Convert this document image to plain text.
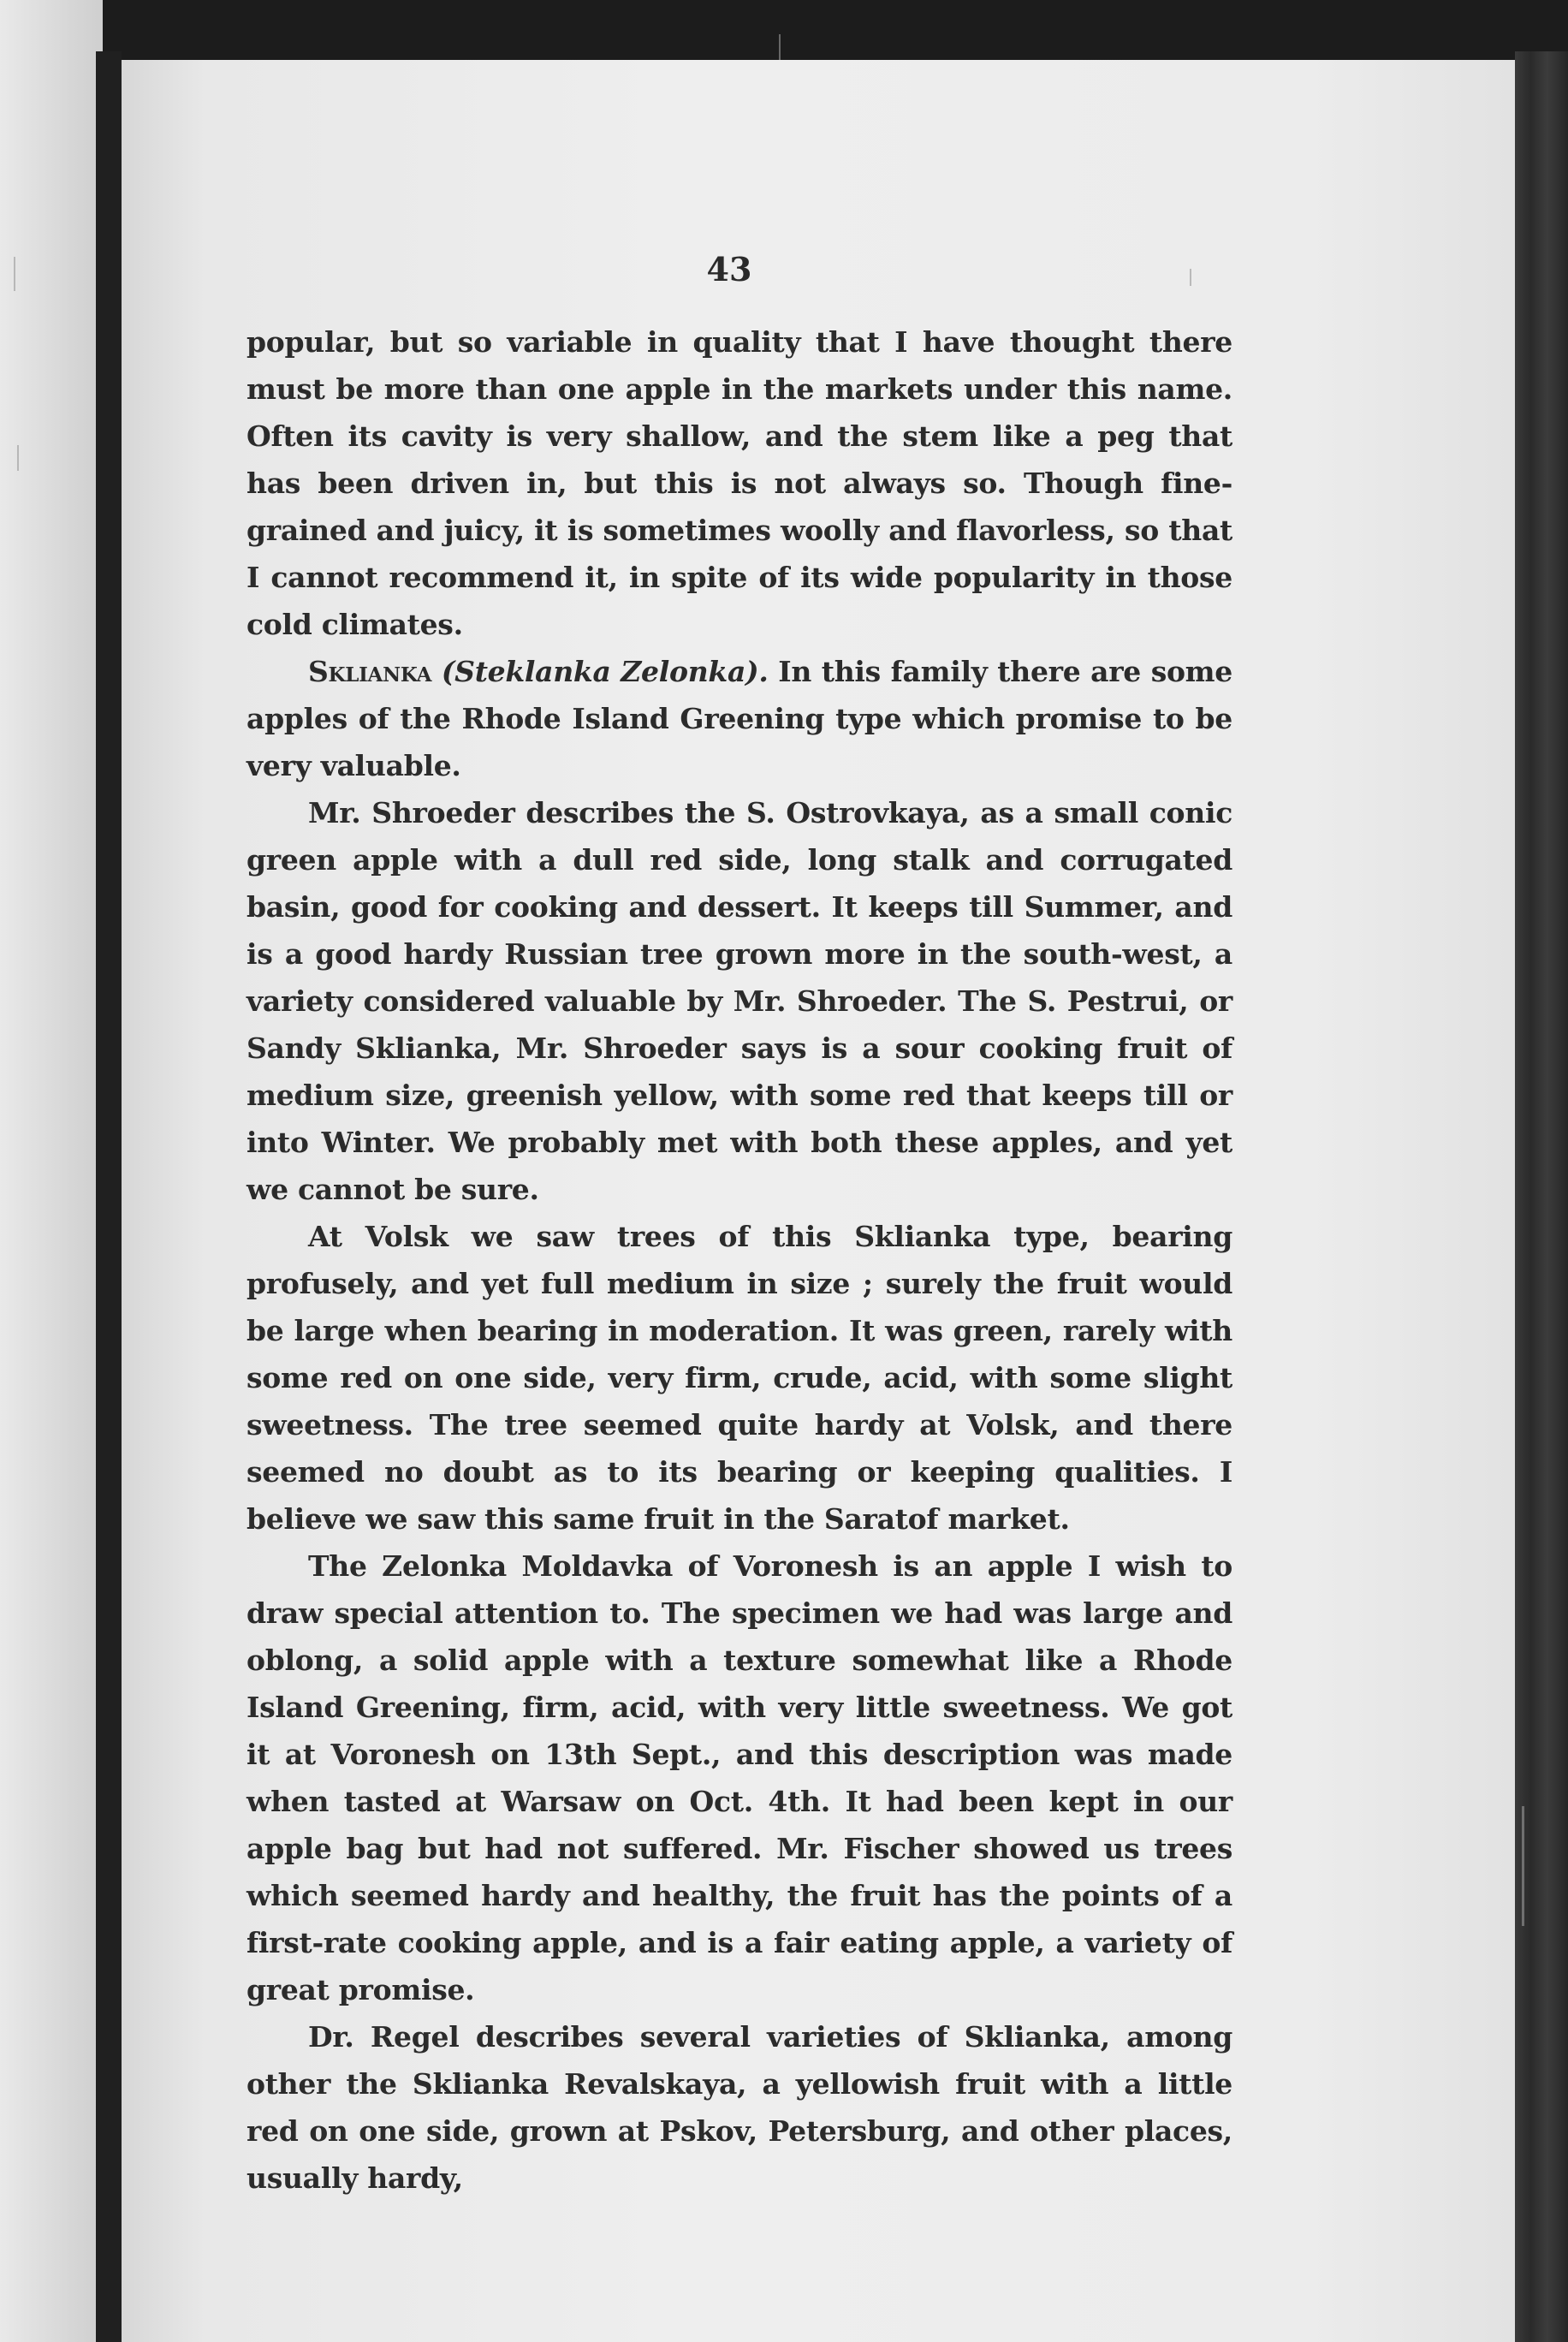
43

popular, but so variable in quality that I have thought there must be more than one apple in the markets under this name. Often its cavity is very shallow, and the stem like a peg that has been driven in, but this is not always so. Though fine-grained and juicy, it is sometimes woolly and flavorless, so that I cannot recommend it, in spite of its wide popularity in those cold climates.

Sklianka (Steklanka Zelonka). In this family there are some apples of the Rhode Island Greening type which promise to be very valuable.

Mr. Shroeder describes the S. Ostrovkaya, as a small conic green apple with a dull red side, long stalk and corrugated basin, good for cooking and dessert. It keeps till Summer, and is a good hardy Russian tree grown more in the south-west, a variety considered valuable by Mr. Shroeder. The S. Pestrui, or Sandy Sklianka, Mr. Shroeder says is a sour cooking fruit of medium size, greenish yellow, with some red that keeps till or into Winter. We probably met with both these apples, and yet we cannot be sure.

At Volsk we saw trees of this Sklianka type, bearing profusely, and yet full medium in size ; surely the fruit would be large when bearing in moderation. It was green, rarely with some red on one side, very firm, crude, acid, with some slight sweetness. The tree seemed quite hardy at Volsk, and there seemed no doubt as to its bearing or keeping qualities. I believe we saw this same fruit in the Saratof market.

The Zelonka Moldavka of Voronesh is an apple I wish to draw special attention to. The specimen we had was large and oblong, a solid apple with a texture somewhat like a Rhode Island Greening, firm, acid, with very little sweetness. We got it at Voronesh on 13th Sept., and this description was made when tasted at Warsaw on Oct. 4th. It had been kept in our apple bag but had not suffered. Mr. Fischer showed us trees which seemed hardy and healthy, the fruit has the points of a first-rate cooking apple, and is a fair eating apple, a variety of great promise.

Dr. Regel describes several varieties of Sklianka, among other the Sklianka Revalskaya, a yellowish fruit with a little red on one side, grown at Pskov, Petersburg, and other places, usually hardy,
